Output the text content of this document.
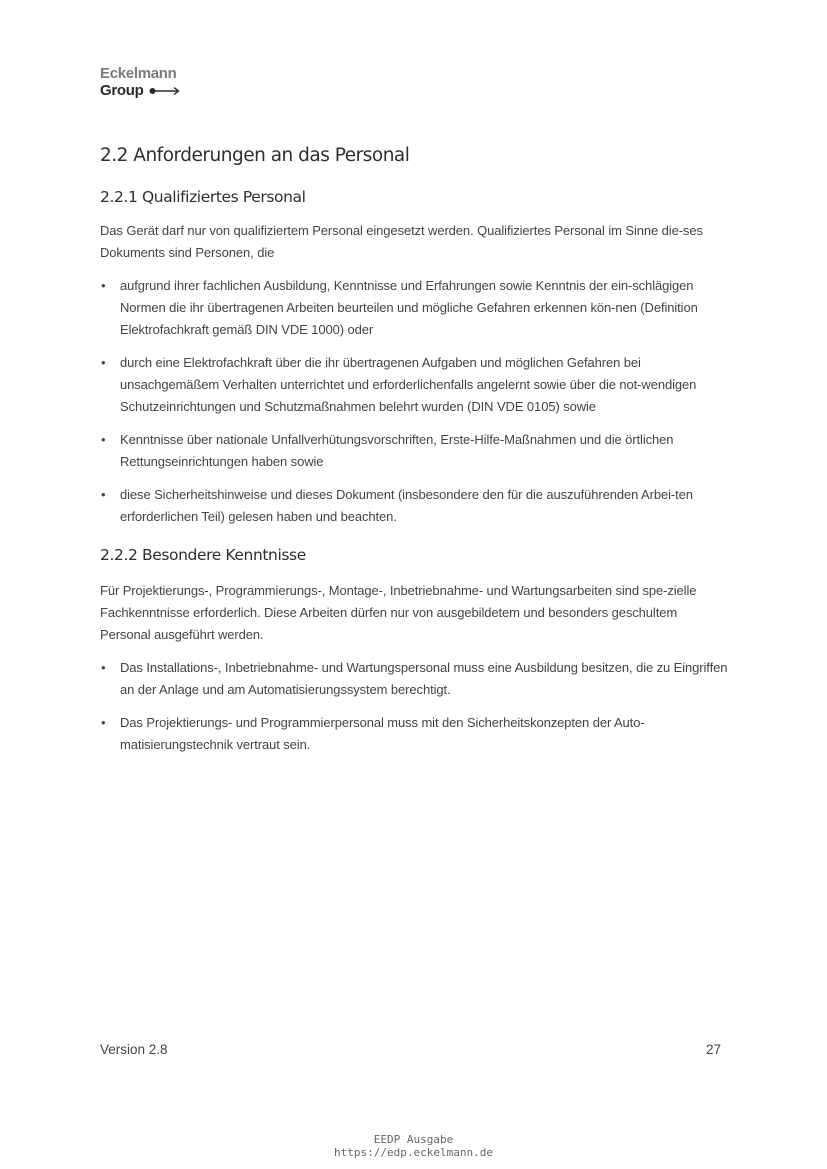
Eckelmann
Group
2.2 Anforderungen an das Personal
2.2.1 Qualifiziertes Personal

Das Gerät darf nur von qualifiziertem Personal eingesetzt werden. Qualifiziertes Personal im Sinne die-ses Dokuments sind Personen, die

• aufgrund ihrer fachlichen Ausbildung, Kenntnisse und Erfahrungen sowie Kenntnis der ein-schlägigen Normen die ihr übertragenen Arbeiten beurteilen und mögliche Gefahren erkennen kön-nen (Definition Elektrofachkraft gemäß DIN VDE 1000) oder
• durch eine Elektrofachkraft über die ihr übertragenen Aufgaben und möglichen Gefahren bei unsachgemäßem Verhalten unterrichtet und erforderlichenfalls angelernt sowie über die not-wendigen Schutzeinrichtungen und Schutzmaßnahmen belehrt wurden (DIN VDE 0105) sowie
• Kenntnisse über nationale Unfallverhütungsvorschriften, Erste-Hilfe-Maßnahmen und die örtlichen Rettungseinrichtungen haben sowie
• diese Sicherheitshinweise und dieses Dokument (insbesondere den für die auszuführenden Arbei-ten erforderlichen Teil) gelesen haben und beachten.
2.2.2 Besondere Kenntnisse

Für Projektierungs-, Programmierungs-, Montage-, Inbetriebnahme- und Wartungsarbeiten sind spe-zielle Fachkenntnisse erforderlich. Diese Arbeiten dürfen nur von ausgebildetem und besonders geschultem Personal ausgeführt werden.

• Das Installations-, Inbetriebnahme- und Wartungspersonal muss eine Ausbildung besitzen, die zu Eingriffen an der Anlage und am Automatisierungssystem berechtigt.
• Das Projektierungs- und Programmierpersonal muss mit den Sicherheitskonzepten der Auto-matisierungstechnik vertraut sein.
Version 2.8	27
EEDP Ausgabe
https://edp.eckelmann.de
